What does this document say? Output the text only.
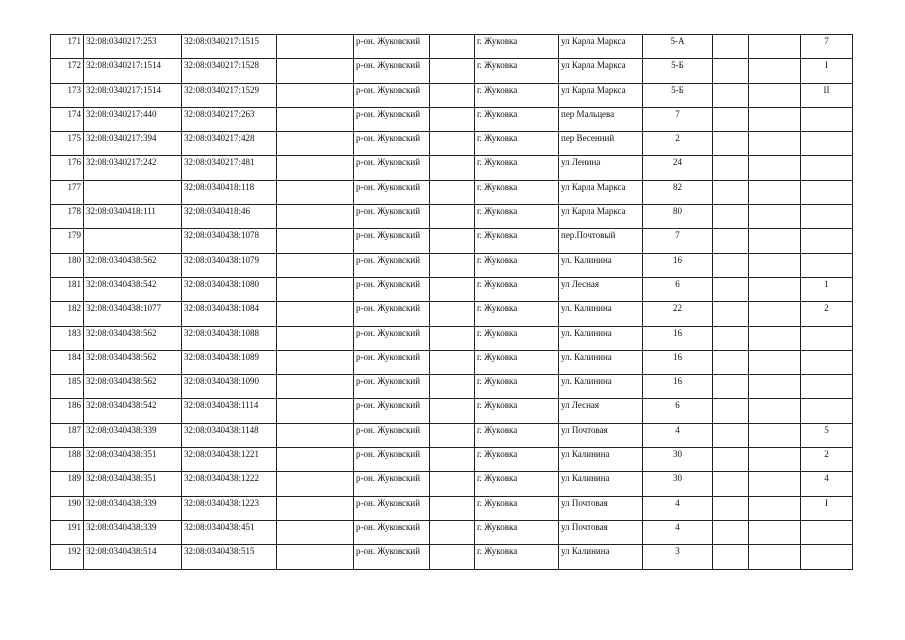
171	32:08:0340217:253	32:08:0340217:1515		р-он. Жуковский		г. Жуковка	ул Карла Маркса	5-А			7
172	32:08:0340217:1514	32:08:0340217:1528		р-он. Жуковский		г. Жуковка	ул Карла Маркса	5-Б			I
173	32:08:0340217:1514	32:08:0340217:1529		р-он. Жуковский		г. Жуковка	ул Карла Маркса	5-Б			II
174	32:08:0340217:440	32:08:0340217:263		р-он. Жуковский		г. Жуковка	пер Мальцева	7			
175	32:08:0340217:394	32:08:0340217:428		р-он. Жуковский		г. Жуковка	пер Весенний	2			
176	32:08:0340217:242	32:08:0340217:481		р-он. Жуковский		г. Жуковка	ул Ленина	24			
177		32:08:0340418:118		р-он. Жуковский		г. Жуковка	ул Карла Маркса	82			
178	32:08:0340418:111	32:08:0340418:46		р-он. Жуковский		г. Жуковка	ул Карла Маркса	80			
179		32:08:0340438:1078		р-он. Жуковский		г. Жуковка	пер.Почтовый	7			
180	32:08:0340438:562	32:08:0340438:1079		р-он. Жуковский		г. Жуковка	ул. Калинина	16			
181	32:08:0340438:542	32:08:0340438:1080		р-он. Жуковский		г. Жуковка	ул Лесная	6			1
182	32:08:0340438:1077	32:08:0340438:1084		р-он. Жуковский		г. Жуковка	ул. Калинина	22			2
183	32:08:0340438:562	32:08:0340438:1088		р-он. Жуковский		г. Жуковка	ул. Калинина	16			
184	32:08:0340438:562	32:08:0340438:1089		р-он. Жуковский		г. Жуковка	ул. Калинина	16			
185	32:08:0340438:562	32:08:0340438:1090		р-он. Жуковский		г. Жуковка	ул. Калинина	16			
186	32:08:0340438:542	32:08:0340438:1114		р-он. Жуковский		г. Жуковка	ул Лесная	6			
187	32:08:0340438:339	32:08:0340438:1148		р-он. Жуковский		г. Жуковка	ул Почтовая	4			5
188	32:08:0340438:351	32:08:0340438:1221		р-он. Жуковский		г. Жуковка	ул Калинина	30			2
189	32:08:0340438:351	32:08:0340438:1222		р-он. Жуковский		г. Жуковка	ул Калинина	30			4
190	32:08:0340438:339	32:08:0340438:1223		р-он. Жуковский		г. Жуковка	ул Почтовая	4			I
191	32:08:0340438:339	32:08:0340438:451		р-он. Жуковский		г. Жуковка	ул Почтовая	4			
192	32:08:0340438:514	32:08:0340438:515		р-он. Жуковский		г. Жуковка	ул Калинина	3			
